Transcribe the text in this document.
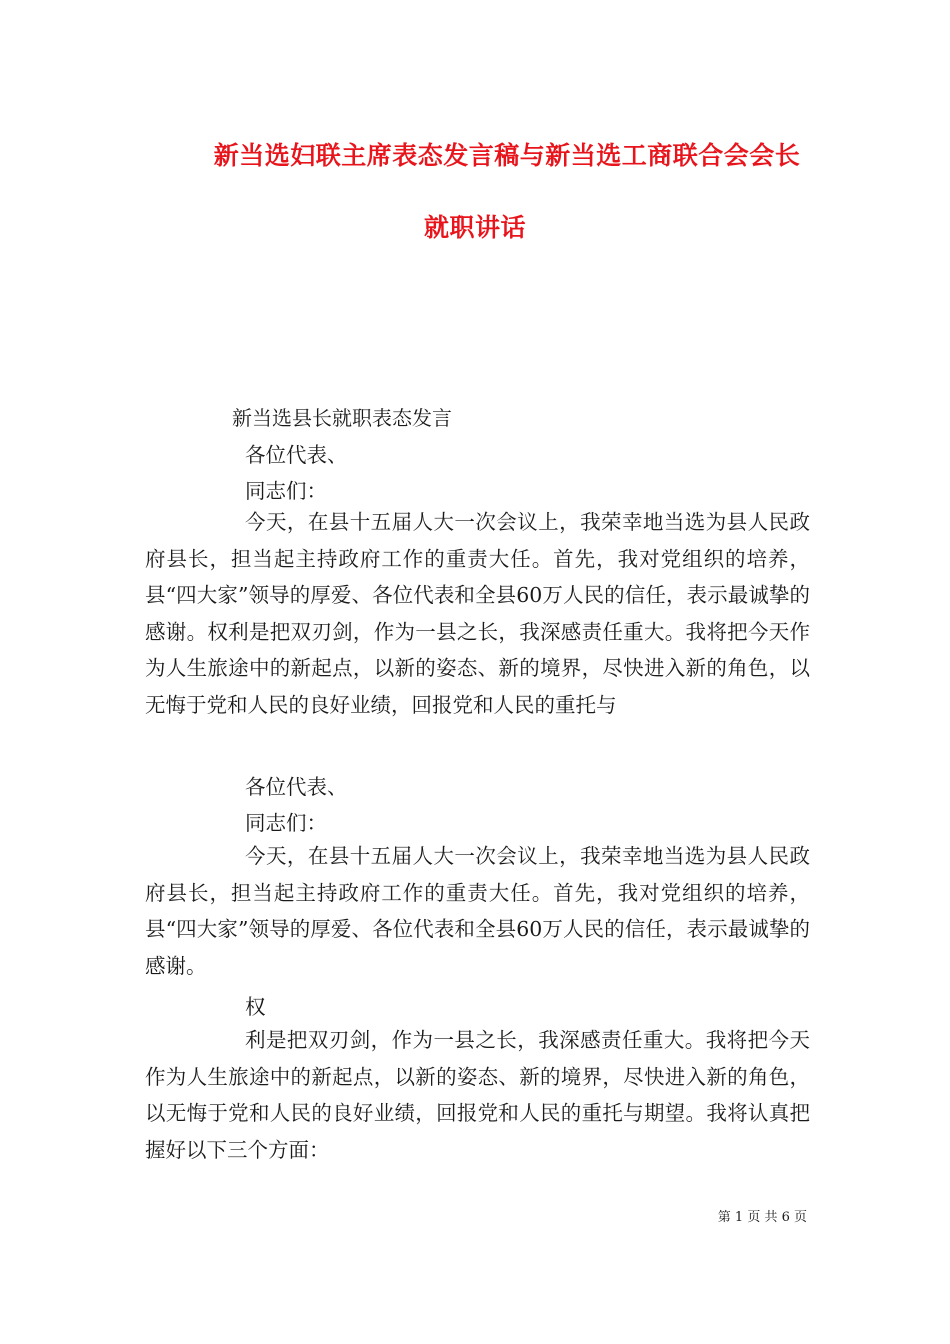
新当选妇联主席表态发言稿与新当选工商联合会会长
就职讲话

新当选县长就职表态发言

各位代表、

同志们：

今天，在县十五届人大一次会议上，我荣幸地当选为县人民政府县长，担当起主持政府工作的重责大任。首先，我对党组织的培养，县“四大家”领导的厚爱、各位代表和全县60万人民的信任，表示最诚挚的感谢。权利是把双刃剑，作为一县之长，我深感责任重大。我将把今天作为人生旅途中的新起点，以新的姿态、新的境界，尽快进入新的角色，以无悔于党和人民的良好业绩，回报党和人民的重托与

各位代表、

同志们：

今天，在县十五届人大一次会议上，我荣幸地当选为县人民政府县长，担当起主持政府工作的重责大任。首先，我对党组织的培养，县“四大家”领导的厚爱、各位代表和全县60万人民的信任，表示最诚挚的感谢。

权

利是把双刃剑，作为一县之长，我深感责任重大。我将把今天作为人生旅途中的新起点，以新的姿态、新的境界，尽快进入新的角色，以无悔于党和人民的良好业绩，回报党和人民的重托与期望。我将认真把握好以下三个方面：

第 1 页 共 6 页
